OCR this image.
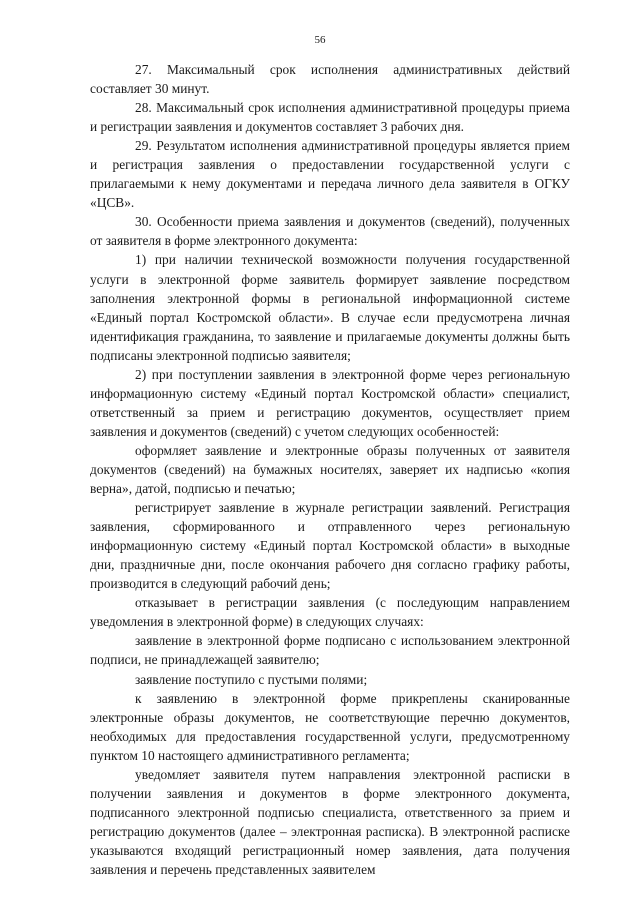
56

27. Максимальный срок исполнения административных действий составляет 30 минут.

28. Максимальный срок исполнения административной процедуры приема и регистрации заявления и документов составляет 3 рабочих дня.

29. Результатом исполнения административной процедуры является прием и регистрация заявления о предоставлении государственной услуги с прилагаемыми к нему документами и передача личного дела заявителя в ОГКУ «ЦСВ».

30. Особенности приема заявления и документов (сведений), полученных от заявителя в форме электронного документа:

1) при наличии технической возможности получения государственной услуги в электронной форме заявитель формирует заявление посредством заполнения электронной формы в региональной информационной системе «Единый портал Костромской области». В случае если предусмотрена личная идентификация гражданина, то заявление и прилагаемые документы должны быть подписаны электронной подписью заявителя;

2) при поступлении заявления в электронной форме через региональную информационную систему «Единый портал Костромской области» специалист, ответственный за прием и регистрацию документов, осуществляет прием заявления и документов (сведений) с учетом следующих особенностей:

оформляет заявление и электронные образы полученных от заявителя документов (сведений) на бумажных носителях, заверяет их надписью «копия верна», датой, подписью и печатью;

регистрирует заявление в журнале регистрации заявлений. Регистрация заявления, сформированного и отправленного через региональную информационную систему «Единый портал Костромской области» в выходные дни, праздничные дни, после окончания рабочего дня согласно графику работы, производится в следующий рабочий день;

отказывает в регистрации заявления (с последующим направлением уведомления в электронной форме) в следующих случаях:

заявление в электронной форме подписано с использованием электронной подписи, не принадлежащей заявителю;

заявление поступило с пустыми полями;

к заявлению в электронной форме прикреплены сканированные электронные образы документов, не соответствующие перечню документов, необходимых для предоставления государственной услуги, предусмотренному пунктом 10 настоящего административного регламента;

уведомляет заявителя путем направления электронной расписки в получении заявления и документов в форме электронного документа, подписанного электронной подписью специалиста, ответственного за прием и регистрацию документов (далее – электронная расписка). В электронной расписке указываются входящий регистрационный номер заявления, дата получения заявления и перечень представленных заявителем
